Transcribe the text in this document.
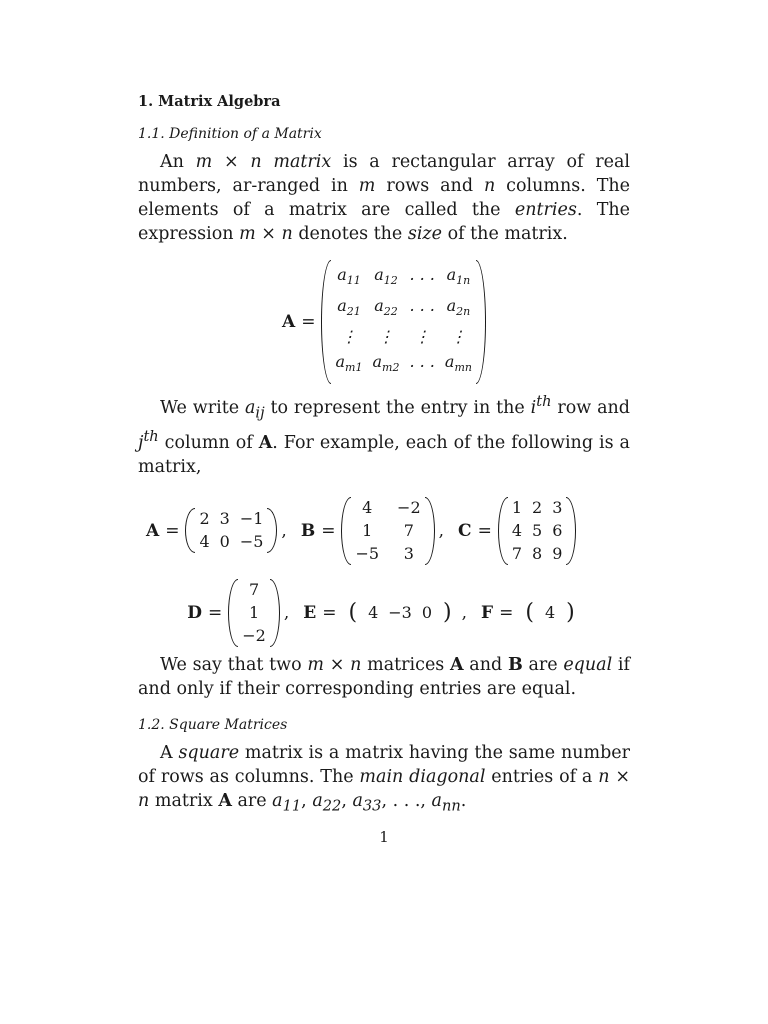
1. Matrix Algebra
1.1. Definition of a Matrix

An m × n matrix is a rectangular array of real numbers, ar-ranged in m rows and n columns. The elements of a matrix are called the entries. The expression m × n denotes the size of the matrix.

A =
$a_{11}$ $a_{12}$ . . . $a_{1n}$
$a_{21}$ $a_{22}$ . . . $a_{2n}$
⋮	⋮	⋮	⋮
$a_{m1}$ $a_{m2}$ . . . $a_{mn}$

We write $a_{ij}$ to represent the entry in the $i^{th}$ row and $j^{th}$ column of A. For example, each of the following is a matrix,

A =
2 3 −1
4 0 −5
, B =
4	−2
1	7
−5	3
, C =
1 2 3
4 5 6
7 8 9
D =
7
1
−2
, E = ( 4 −3 0 ) , F = ( 4 )

We say that two m × n matrices A and B are equal if and only if their corresponding entries are equal.

1.2. Square Matrices

A square matrix is a matrix having the same number of rows as columns. The main diagonal entries of a n × n matrix A are $a_{11}$, $a_{22}$, $a_{33}$, . . ., $a_{nn}$.

1
